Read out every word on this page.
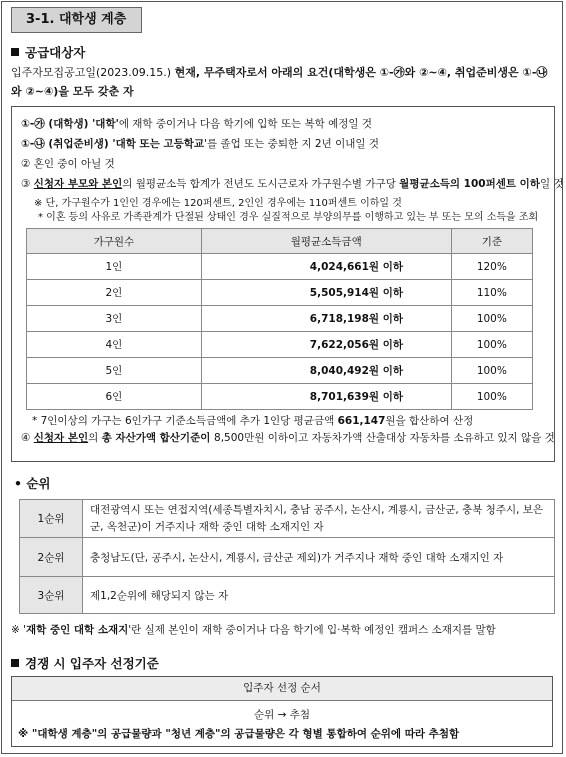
3-1. 대학생 계층
공급대상자
입주자모집공고일(2023.09.15.) 현재, 무주택자로서 아래의 요건(대학생은 ①-㉮와 ②~④, 취업준비생은 ①-㉯와 ②~④)을 모두 갖춘 자
①-㉮ (대학생) '대학'에 재학 중이거나 다음 학기에 입학 또는 복학 예정일 것
①-㉯ (취업준비생) '대학 또는 고등학교'를 졸업 또는 중퇴한 지 2년 이내일 것
② 혼인 중이 아닐 것
③ 신청자 부모와 본인의 월평균소득 합계가 전년도 도시근로자 가구원수별 가구당 월평균소득의 100퍼센트 이하일 것
※ 단, 가구원수가 1인인 경우에는 120퍼센트, 2인인 경우에는 110퍼센트 이하일 것
* 이혼 등의 사유로 가족관계가 단절된 상태인 경우 실질적으로 부양의무를 이행하고 있는 부 또는 모의 소득을 조회
가구원수	월평균소득금액	기준
1인	4,024,661원 이하	120%
2인	5,505,914원 이하	110%
3인	6,718,198원 이하	100%
4인	7,622,056원 이하	100%
5인	8,040,492원 이하	100%
6인	8,701,639원 이하	100%
* 7인이상의 가구는 6인가구 기준소득금액에 추가 1인당 평균금액 661,147원을 합산하여 산정
④ 신청자 본인의 총 자산가액 합산기준이 8,500만원 이하이고 자동차가액 산출대상 자동차를 소유하고 있지 않을 것
• 순위
1순위	대전광역시 또는 연접지역(세종특별자치시, 충남 공주시, 논산시, 계룡시, 금산군, 충북 청주시, 보은군, 옥천군)이 거주지나 재학 중인 대학 소재지인 자
2순위	충청남도(단, 공주시, 논산시, 계룡시, 금산군 제외)가 거주지나 재학 중인 대학 소재지인 자
3순위	제1,2순위에 해당되지 않는 자
※ '재학 중인 대학 소재지'란 실제 본인이 재학 중이거나 다음 학기에 입·복학 예정인 캠퍼스 소재지를 말함
경쟁 시 입주자 선정기준
입주자 선정 순서
순위 → 추첨
※ "대학생 계층"의 공급물량과 "청년 계층"의 공급물량은 각 형별 통합하여 순위에 따라 추첨함
